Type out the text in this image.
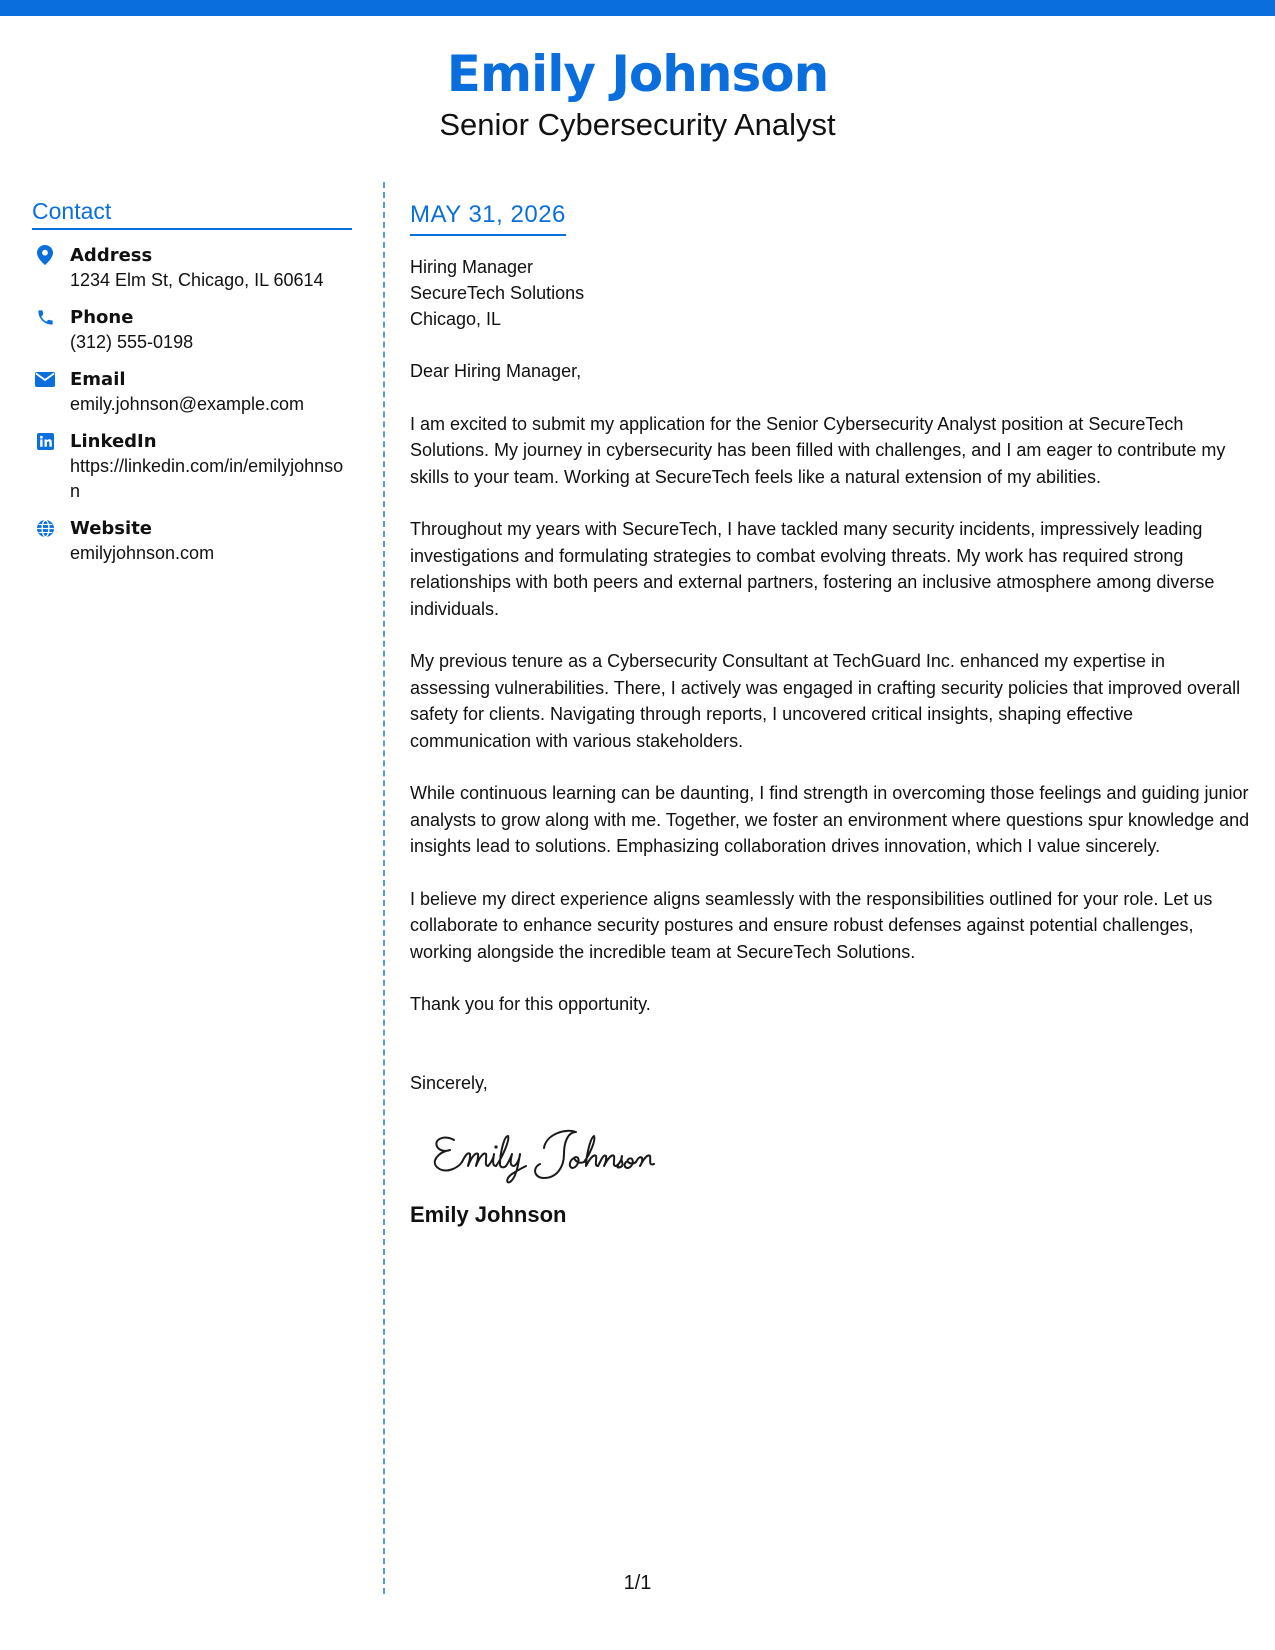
Emily Johnson
Senior Cybersecurity Analyst
Contact
Address
1234 Elm St, Chicago, IL 60614
Phone
(312) 555-0198
Email
emily.johnson@example.com
LinkedIn
https://linkedin.com/in/emilyjohnson
Website
emilyjohnson.com
MAY 31, 2026
Hiring Manager
SecureTech Solutions
Chicago, IL
Dear Hiring Manager,

I am excited to submit my application for the Senior Cybersecurity Analyst position at SecureTech Solutions. My journey in cybersecurity has been filled with challenges, and I am eager to contribute my skills to your team. Working at SecureTech feels like a natural extension of my abilities.

Throughout my years with SecureTech, I have tackled many security incidents, impressively leading investigations and formulating strategies to combat evolving threats. My work has required strong relationships with both peers and external partners, fostering an inclusive atmosphere among diverse individuals.

My previous tenure as a Cybersecurity Consultant at TechGuard Inc. enhanced my expertise in assessing vulnerabilities. There, I actively was engaged in crafting security policies that improved overall safety for clients. Navigating through reports, I uncovered critical insights, shaping effective communication with various stakeholders.

While continuous learning can be daunting, I find strength in overcoming those feelings and guiding junior analysts to grow along with me. Together, we foster an environment where questions spur knowledge and insights lead to solutions. Emphasizing collaboration drives innovation, which I value sincerely.

I believe my direct experience aligns seamlessly with the responsibilities outlined for your role. Let us collaborate to enhance security postures and ensure robust defenses against potential challenges, working alongside the incredible team at SecureTech Solutions.

Thank you for this opportunity.

Sincerely,
Emily Johnson
1/1
